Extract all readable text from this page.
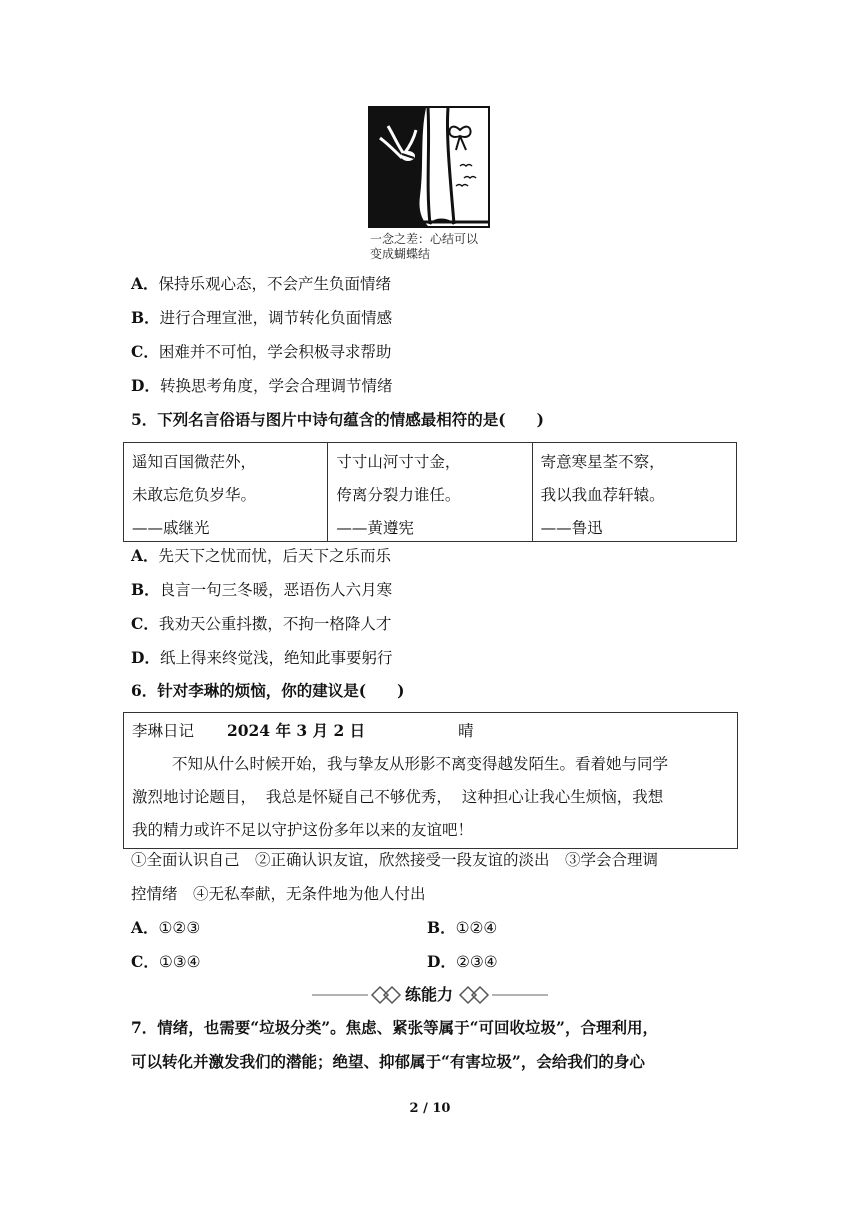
一念之差：心结可以
变成蝴蝶结
A．保持乐观心态，不会产生负面情绪
B．进行合理宣泄，调节转化负面情感
C．困难并不可怕，学会积极寻求帮助
D．转换思考角度，学会合理调节情绪
5．下列名言俗语与图片中诗句蕴含的情感最相符的是(　　)
遥知百国微茫外，
未敢忘危负岁华。
——戚继光
寸寸山河寸寸金，
侉离分裂力谁任。
——黄遵宪
寄意寒星荃不察，
我以我血荐轩辕。
——鲁迅
A．先天下之忧而忧，后天下之乐而乐
B．良言一句三冬暖，恶语伤人六月寒
C．我劝天公重抖擞，不拘一格降人才
D．纸上得来终觉浅，绝知此事要躬行
6．针对李琳的烦恼，你的建议是(　　)
李琳日记 2024 年 3 月 2 日	晴

不知从什么时候开始，我与挚友从形影不离变得越发陌生。看着她与同学

激烈地讨论题目，  我总是怀疑自己不够优秀，  这种担心让我心生烦恼，我想

我的精力或许不足以守护这份多年以来的友谊吧！

①全面认识自己　②正确认识友谊，欣然接受一段友谊的淡出　③学会合理调
控情绪　④无私奉献，无条件地为他人付出
A．①②③	B．①②④
C．①③④	D．②③④
练能力
7．情绪，也需要“垃圾分类”。焦虑、紧张等属于“可回收垃圾”，合理利用，
可以转化并激发我们的潜能；绝望、抑郁属于“有害垃圾”，会给我们的身心
2 / 10
